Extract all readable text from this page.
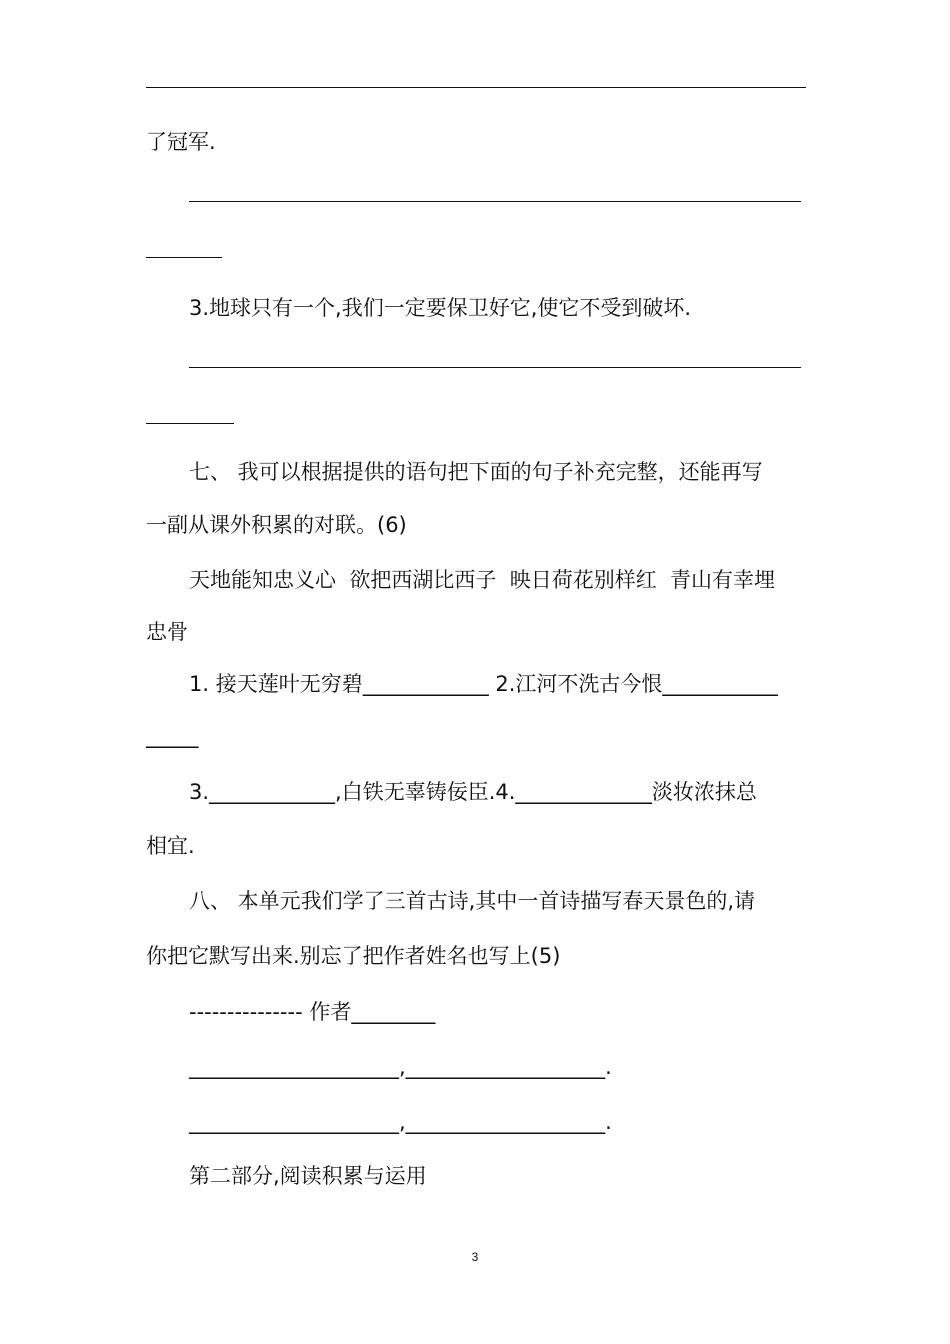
了冠军.
3.地球只有一个,我们一定要保卫好它,使它不受到破坏.
七、 我可以根据提供的语句把下面的句子补充完整，还能再写
一副从课外积累的对联。(6)
天地能知忠义心  欲把西湖比西子  映日荷花别样红  青山有幸埋
忠骨
1. 接天莲叶无穷碧____________ 2.江河不洗古今恨___________
_____
3.____________,白铁无辜铸佞臣.4._____________淡妆浓抹总
相宜.
八、 本单元我们学了三首古诗,其中一首诗描写春天景色的,请
你把它默写出来.别忘了把作者姓名也写上(5)
--------------- 作者________
____________________,___________________.
____________________,___________________.
第二部分,阅读积累与运用
3
